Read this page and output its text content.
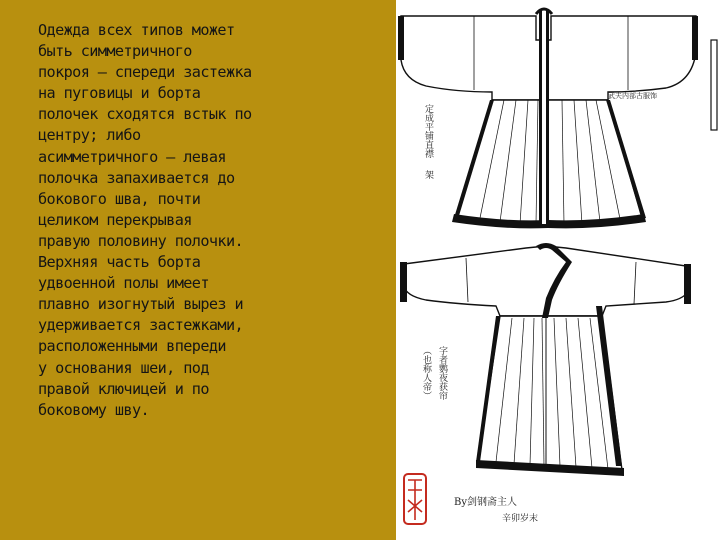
Одежда всех типов может
быть симметричного
покроя – спереди застежка
на пуговицы и борта
полочек сходятся встык по
центру; либо
асимметричного – левая
полочка запахивается до
бокового шва, почти
целиком перекрывая
правую половину полочки.
Верхняя часть борта
удвоенной полы имеет
плавно изогнутый вырез и
удерживается застежками,
расположенными впереди
у основания шеи, под
правой ключицей и по
боковому шву.
定成平铺直襟
架
武夫内部古服饰
（也称人帝） 字者鹦夜获帘
By剑钢斋主人
辛卯岁末
